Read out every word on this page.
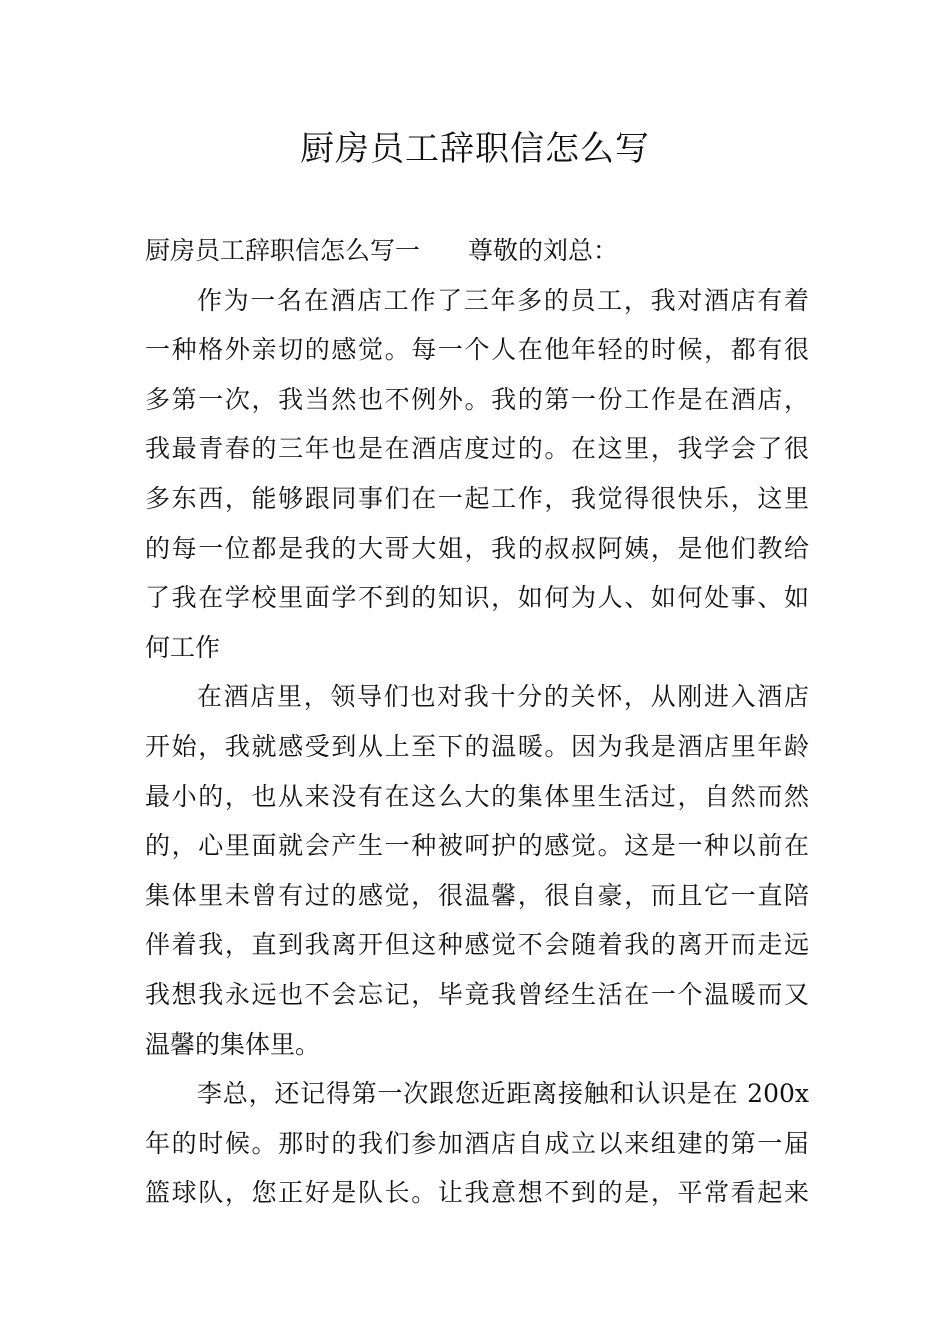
厨房员工辞职信怎么写
厨房员工辞职信怎么写一 尊敬的刘总：
作为一名在酒店工作了三年多的员工，我对酒店有着
一种格外亲切的感觉。每一个人在他年轻的时候，都有很
多第一次，我当然也不例外。我的第一份工作是在酒店，
我最青春的三年也是在酒店度过的。在这里，我学会了很
多东西，能够跟同事们在一起工作，我觉得很快乐，这里
的每一位都是我的大哥大姐，我的叔叔阿姨，是他们教给
了我在学校里面学不到的知识，如何为人、如何处事、如
何工作
在酒店里，领导们也对我十分的关怀，从刚进入酒店
开始，我就感受到从上至下的温暖。因为我是酒店里年龄
最小的，也从来没有在这么大的集体里生活过，自然而然
的，心里面就会产生一种被呵护的感觉。这是一种以前在
集体里未曾有过的感觉，很温馨，很自豪，而且它一直陪
伴着我，直到我离开但这种感觉不会随着我的离开而走远
我想我永远也不会忘记，毕竟我曾经生活在一个温暖而又
温馨的集体里。
李总，还记得第一次跟您近距离接触和认识是在 200x
年的时候。那时的我们参加酒店自成立以来组建的第一届
篮球队，您正好是队长。让我意想不到的是，平常看起来
